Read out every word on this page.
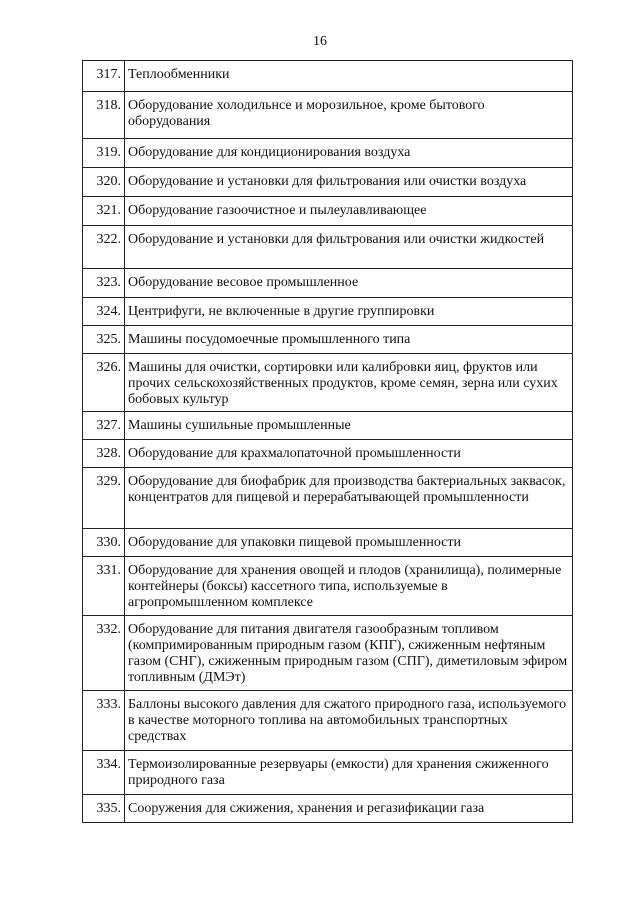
16
317.	Теплообменники
318.	Оборудование холодильнсе и морозильное, кроме бытового оборудования
319.	Оборудование для кондиционирования воздуха
320.	Оборудование и установки для фильтрования или очистки воздуха
321.	Оборудование газоочистное и пылеулавливающее
322.	Оборудование и установки для фильтрования или очистки жидкостей
323.	Оборудование весовое промышленное
324.	Центрифуги, не включенные в другие группировки
325.	Машины посудомоечные промышленного типа
326.	Машины для очистки, сортировки или калибровки яиц, фруктов или прочих сельскохозяйственных продуктов, кроме семян, зерна или сухих бобовых культур
327.	Машины сушильные промышленные
328.	Оборудование для крахмалопаточной промышленности
329.	Оборудование для биофабрик для производства бактериальных заквасок, концентратов для пищевой и перерабатывающей промышленности
330.	Оборудование для упаковки пищевой промышленности
331.	Оборудование для хранения овощей и плодов (хранилища), полимерные контейнеры (боксы) кассетного типа, используемые в агропромышленном комплексе
332.	Оборудование для питания двигателя газообразным топливом (компримированным природным газом (КПГ), сжиженным нефтяным газом (СНГ), сжиженным природным газом (СПГ), диметиловым эфиром топливным (ДМЭт)
333.	Баллоны высокого давления для сжатого природного газа, используемого в качестве моторного топлива на автомобильных транспортных средствах
334.	Термоизолированные резервуары (емкости) для хранения сжиженного природного газа
335.	Сооружения для сжижения, хранения и регазификации газа
